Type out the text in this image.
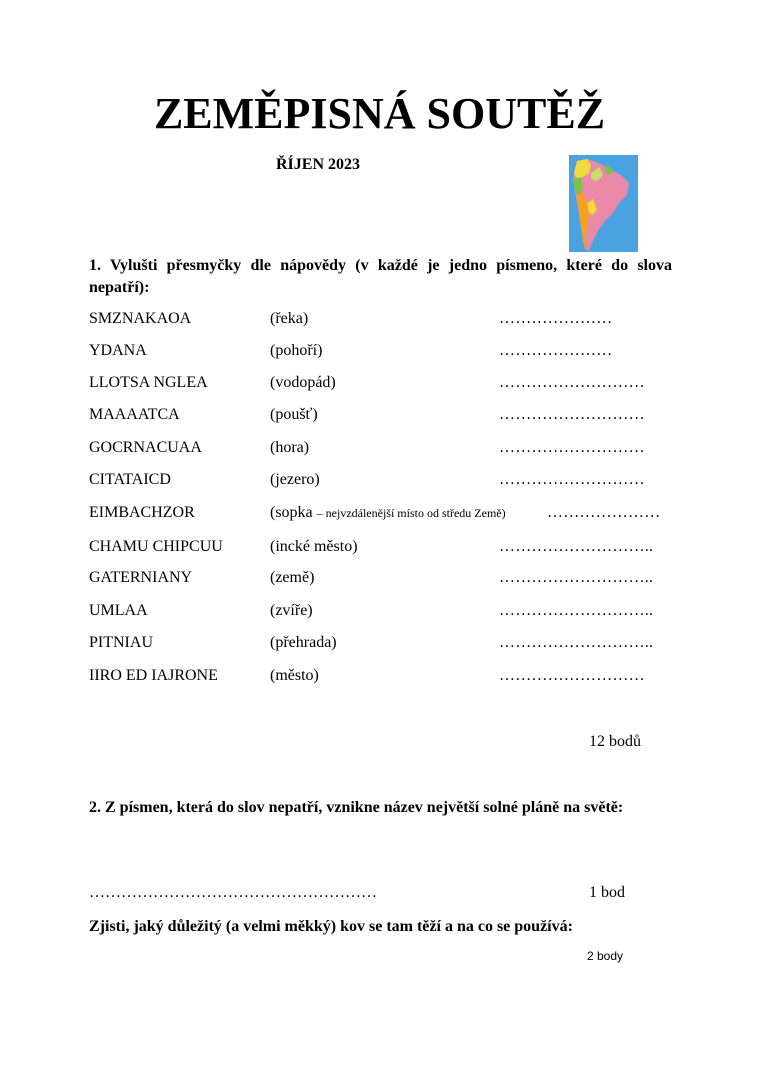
ZEMĚPISNÁ SOUTĚŽ
ŘÍJEN 2023
1. Vylušti přesmyčky dle nápovědy (v každé je jedno písmeno, které do slova nepatří):
SMZNAKAOA	(řeka)	…………………
YDANA	(pohoří)	…………………
LLOTSA NGLEA	(vodopád)	………………………
MAAAATCA	(poušť)	………………………
GOCRNACUAA	(hora)	………………………
CITATAICD	(jezero)	………………………
EIMBACHZOR	(sopka – nejvzdálenější místo od středu Země)	…………………
CHAMU CHIPCUU	(incké město)	………………………..
GATERNIANY	(země)	………………………..
UMLAA	(zvíře)	………………………..
PITNIAU	(přehrada)	………………………..
IIRO ED IAJRONE	(město)	………………………
12 bodů
2. Z písmen, která do slov nepatří, vznikne název největší solné pláně na světě:
………………………………………………	1 bod
Zjisti, jaký důležitý (a velmi měkký) kov se tam těží a na co se používá:
2 body
